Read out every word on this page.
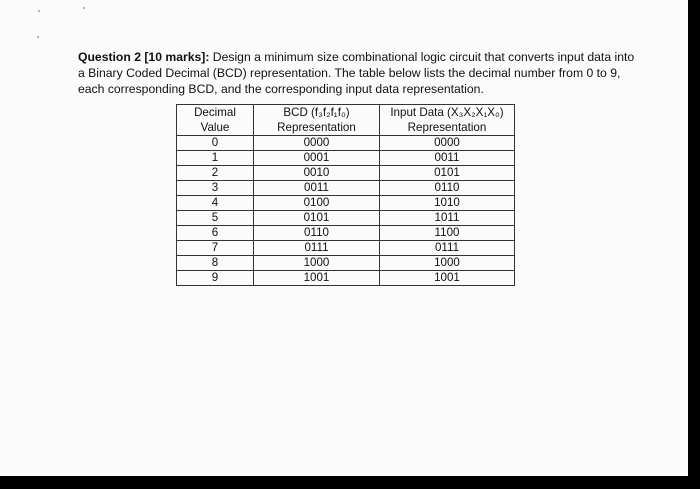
Question 2 [10 marks]: Design a minimum size combinational logic circuit that converts input data into a Binary Coded Decimal (BCD) representation. The table below lists the decimal number from 0 to 9, each corresponding BCD, and the corresponding input data representation.
Decimal	BCD (f₃f₂f₁f₀)	Input Data (X₃X₂X₁X₀)
Value	Representation	Representation
0	0000	0000
1	0001	0011
2	0010	0101
3	0011	0110
4	0100	1010
5	0101	1011
6	0110	1100
7	0111	0111
8	1000	1000
9	1001	1001
